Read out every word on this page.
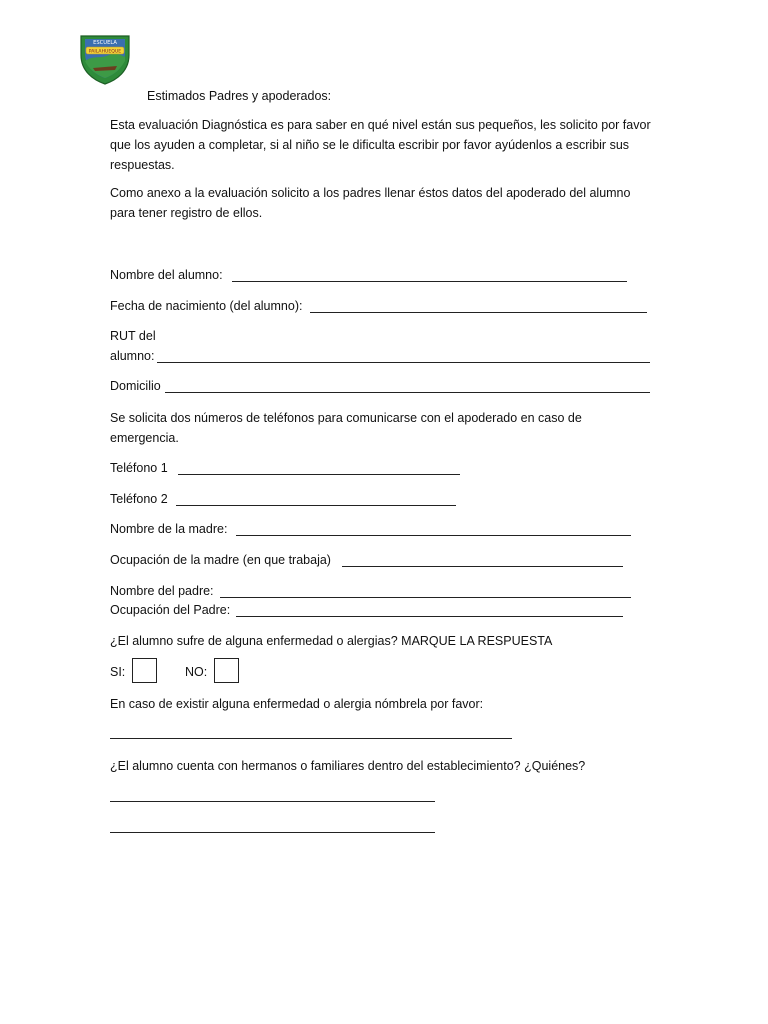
ESCUELA
PAILAHUEQUE
Estimados Padres y apoderados:
Esta evaluación Diagnóstica es para saber en qué nivel están sus pequeños, les solicito por favor que los ayuden a completar, si al niño se le dificulta escribir por favor ayúdenlos a escribir sus respuestas.
Como anexo a la evaluación solicito a los padres llenar éstos datos del apoderado del alumno para tener registro de ellos.
Nombre del alumno:
Fecha de nacimiento (del alumno):
RUT del
alumno:
Domicilio
Se solicita dos números de teléfonos para comunicarse con el apoderado en caso de emergencia.
Teléfono 1
Teléfono 2
Nombre de la madre:
Ocupación de la madre (en que trabaja)
Nombre del padre:
Ocupación del Padre:
¿El alumno sufre de alguna enfermedad o alergias? MARQUE LA RESPUESTA
SI:	NO:
En caso de existir alguna enfermedad o alergia nómbrela por favor:
¿El alumno cuenta con hermanos o familiares dentro del establecimiento? ¿Quiénes?
